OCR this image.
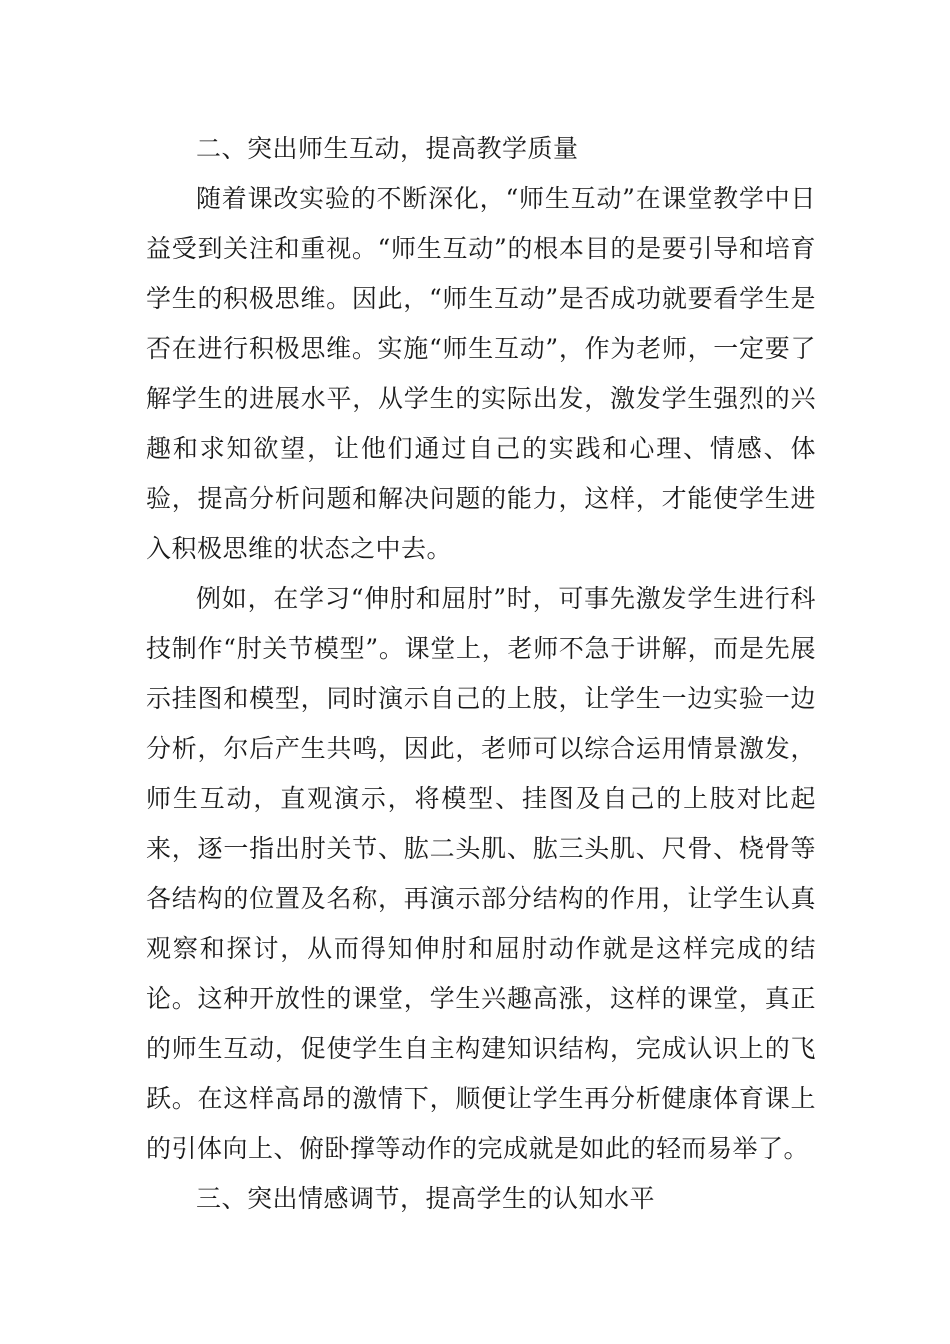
二、突出师生互动，提高教学质量

随着课改实验的不断深化，“师生互动”在课堂教学中日益受到关注和重视。“师生互动”的根本目的是要引导和培育学生的积极思维。因此，“师生互动”是否成功就要看学生是否在进行积极思维。实施“师生互动”，作为老师，一定要了解学生的进展水平，从学生的实际出发，激发学生强烈的兴趣和求知欲望，让他们通过自己的实践和心理、情感、体验，提高分析问题和解决问题的能力，这样，才能使学生进入积极思维的状态之中去。

例如，在学习“伸肘和屈肘”时，可事先激发学生进行科技制作“肘关节模型”。课堂上，老师不急于讲解，而是先展示挂图和模型，同时演示自己的上肢，让学生一边实验一边分析，尔后产生共鸣，因此，老师可以综合运用情景激发，师生互动，直观演示，将模型、挂图及自己的上肢对比起来，逐一指出肘关节、肱二头肌、肱三头肌、尺骨、桡骨等各结构的位置及名称，再演示部分结构的作用，让学生认真观察和探讨，从而得知伸肘和屈肘动作就是这样完成的结论。这种开放性的课堂，学生兴趣高涨，这样的课堂，真正的师生互动，促使学生自主构建知识结构，完成认识上的飞跃。在这样高昂的激情下，顺便让学生再分析健康体育课上的引体向上、俯卧撑等动作的完成就是如此的轻而易举了。

三、突出情感调节，提高学生的认知水平
